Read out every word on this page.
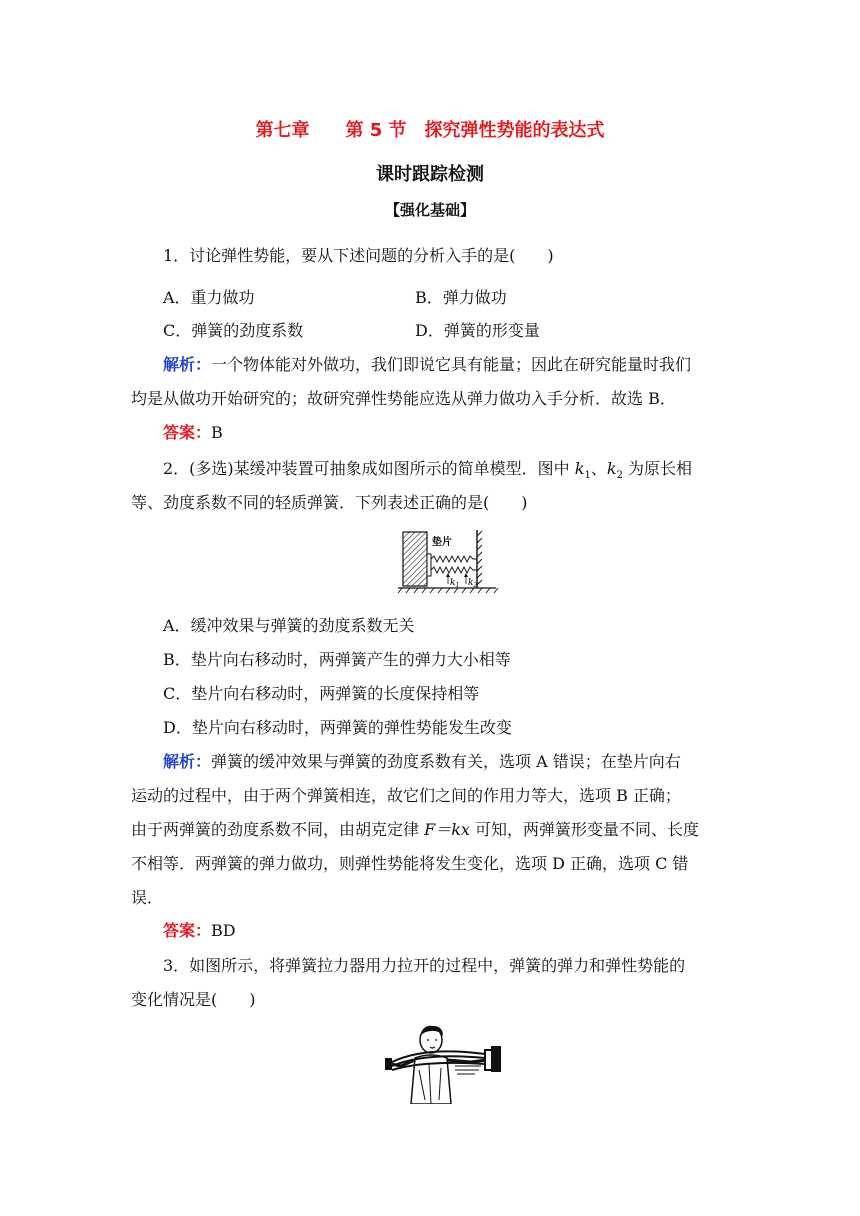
第七章　　第 5 节　探究弹性势能的表达式
课时跟踪检测
【强化基础】
1．讨论弹性势能，要从下述问题的分析入手的是(　　)
A．重力做功	B．弹力做功
C．弹簧的劲度系数	D．弹簧的形变量
解析：一个物体能对外做功，我们即说它具有能量；因此在研究能量时我们
均是从做功开始研究的；故研究弹性势能应选从弹力做功入手分析．故选 B．
答案：B
2．(多选)某缓冲装置可抽象成如图所示的简单模型．图中 $k_1$、$k_2$ 为原长相
等、劲度系数不同的轻质弹簧．下列表述正确的是(　　)
垫片
$k_1$ $k_2$
A．缓冲效果与弹簧的劲度系数无关
B．垫片向右移动时，两弹簧产生的弹力大小相等
C．垫片向右移动时，两弹簧的长度保持相等
D．垫片向右移动时，两弹簧的弹性势能发生改变
解析：弹簧的缓冲效果与弹簧的劲度系数有关，选项 A 错误；在垫片向右
运动的过程中，由于两个弹簧相连，故它们之间的作用力等大，选项 B 正确；
由于两弹簧的劲度系数不同，由胡克定律 F＝kx 可知，两弹簧形变量不同、长度
不相等．两弹簧的弹力做功，则弹性势能将发生变化，选项 D 正确，选项 C 错
误．
答案：BD
3．如图所示，将弹簧拉力器用力拉开的过程中，弹簧的弹力和弹性势能的
变化情况是(　　)
